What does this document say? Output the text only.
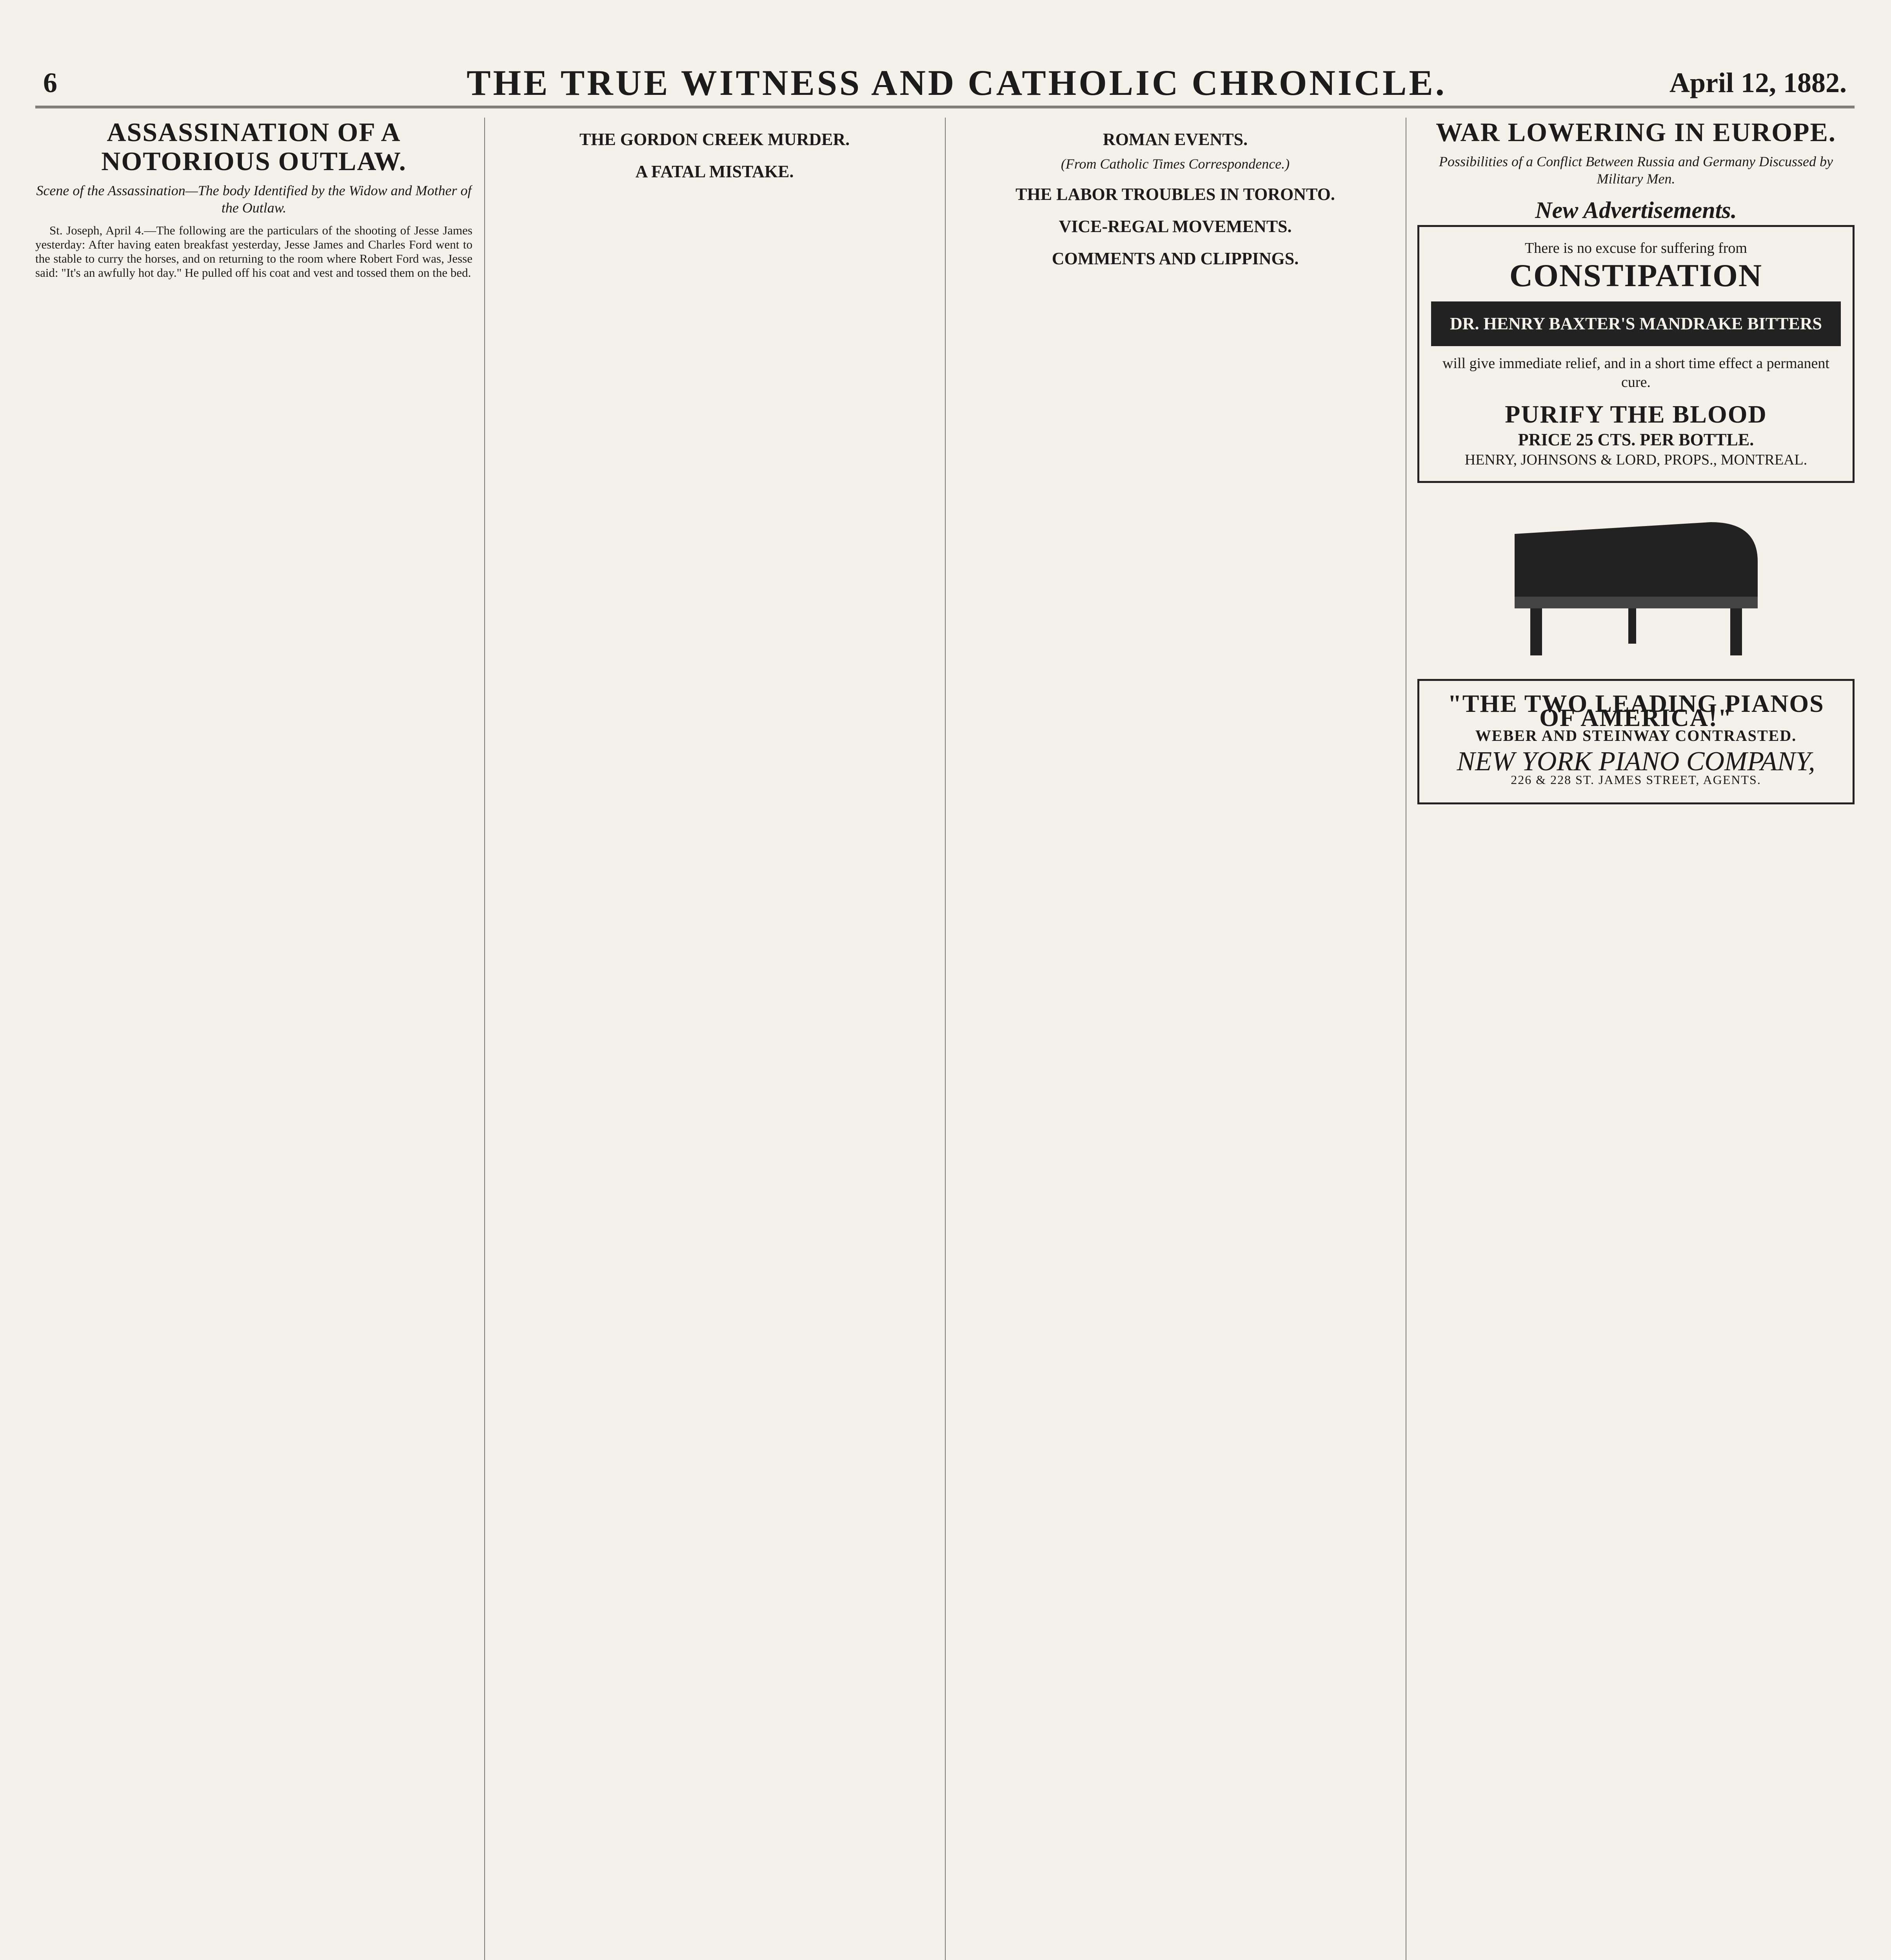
6	THE TRUE WITNESS AND CATHOLIC CHRONICLE.	April 12, 1882.
ASSASSINATION OF A NOTORIOUS OUTLAW.
Scene of the Assassination—The body Identified by the Widow and Mother of the Outlaw.

St. Joseph, April 4.—The following are the particulars of the shooting of Jesse James yesterday: After having eaten breakfast yesterday, Jesse James and Charles Ford went to the stable to curry the horses, and on returning to the room where Robert Ford was, Jesse said: "It's an awfully hot day." He pulled off his coat and vest and tossed them on the bed.

THE GORDON CREEK MURDER.
A FATAL MISTAKE.
ROMAN EVENTS.
(From Catholic Times Correspondence.)
THE LABOR TROUBLES IN TORONTO.
VICE-REGAL MOVEMENTS.
COMMENTS AND CLIPPINGS.
WAR LOWERING IN EUROPE.
Possibilities of a Conflict Between Russia and Germany Discussed by Military Men.
New Advertisements.
There is no excuse for suffering from
CONSTIPATION
DR. HENRY BAXTER'S MANDRAKE BITTERS
will give immediate relief, and in a short time effect a permanent cure.
PURIFY THE BLOOD
PRICE 25 CTS. PER BOTTLE.
HENRY, JOHNSONS & LORD, PROPS., MONTREAL.
"THE TWO LEADING PIANOS OF AMERICA!"
WEBER AND STEINWAY CONTRASTED.
NEW YORK PIANO COMPANY,
226 & 228 ST. JAMES STREET, AGENTS.
